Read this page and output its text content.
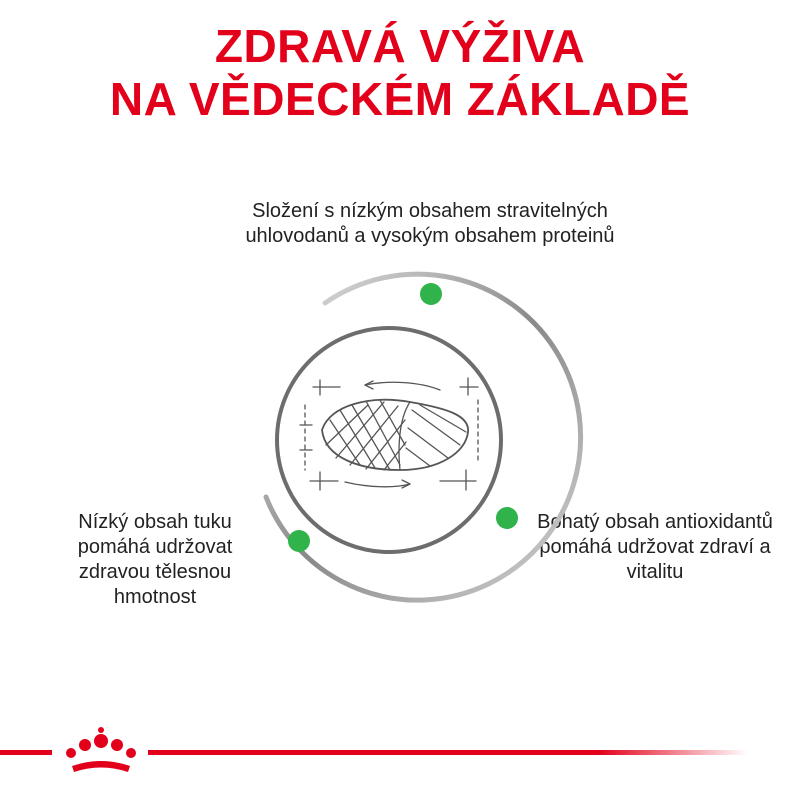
ZDRAVÁ VÝŽIVA
NA VĚDECKÉM ZÁKLADĚ
Složení s nízkým obsahem stravitelných uhlovodanů a vysokým obsahem proteinů
Nízký obsah tuku pomáhá udržovat zdravou tělesnou hmotnost
Bohatý obsah antioxidantů pomáhá udržovat zdraví a vitalitu
